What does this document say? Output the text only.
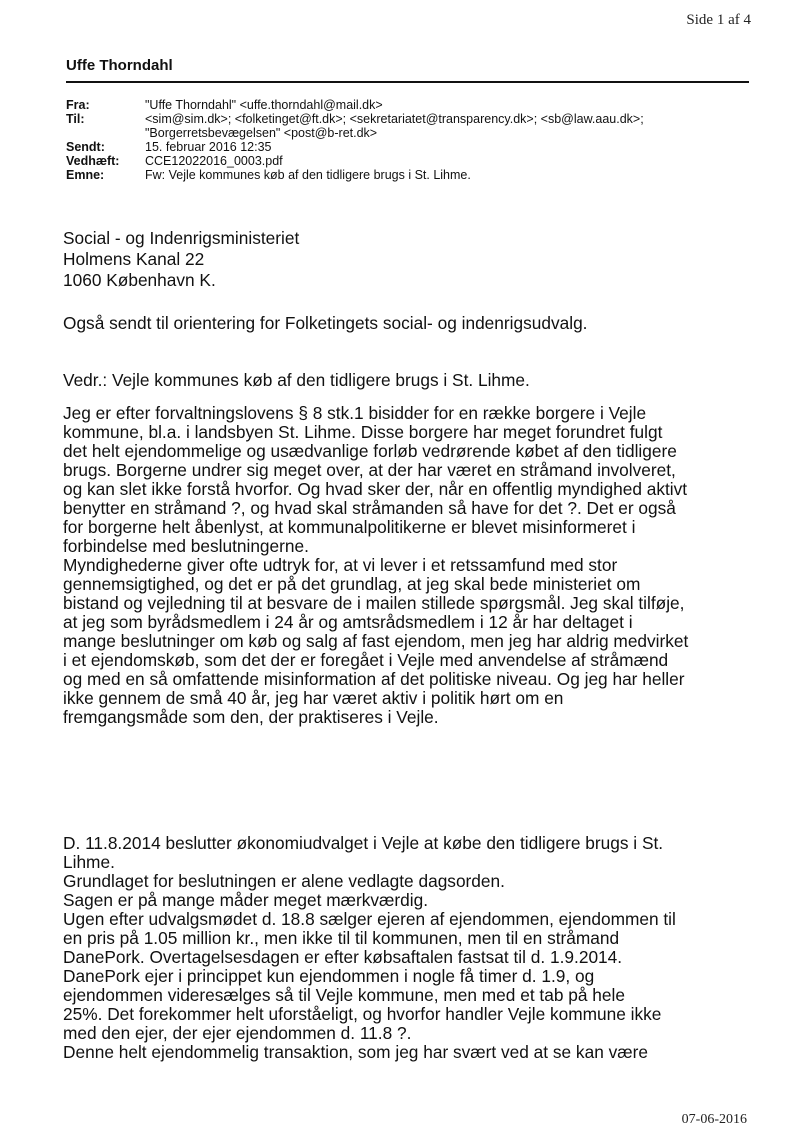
Side 1 af 4
Uffe Thorndahl
Fra:	"Uffe Thorndahl" <uffe.thorndahl@mail.dk>
Til:	<sim@sim.dk>; <folketinget@ft.dk>; <sekretariatet@transparency.dk>; <sb@law.aau.dk>;
"Borgerretsbevægelsen" <post@b-ret.dk>
Sendt:	15. februar 2016 12:35
Vedhæft:	CCE12022016_0003.pdf
Emne:	Fw: Vejle kommunes køb af den tidligere brugs i St. Lihme.

Social - og Indenrigsministeriet

Holmens Kanal 22

1060 København K.

Også sendt til orientering for Folketingets social- og indenrigsudvalg.

Vedr.: Vejle kommunes køb af den tidligere brugs i St. Lihme.

Jeg er efter forvaltningslovens § 8 stk.1 bisidder for en række borgere i Vejle

kommune, bl.a. i landsbyen St. Lihme. Disse borgere har meget forundret fulgt

det helt ejendommelige og usædvanlige forløb vedrørende købet af den tidligere

brugs. Borgerne undrer sig meget over, at der har været en stråmand involveret,

og kan slet ikke forstå hvorfor. Og hvad sker der, når en offentlig myndighed aktivt

benytter en stråmand ?, og hvad skal stråmanden så have for det ?. Det er også

for borgerne helt åbenlyst, at kommunalpolitikerne er blevet misinformeret i

forbindelse med beslutningerne.

Myndighederne giver ofte udtryk for, at vi lever i et retssamfund med stor

gennemsigtighed, og det er på det grundlag, at jeg skal bede ministeriet om

bistand og vejledning til at besvare de i mailen stillede spørgsmål. Jeg skal tilføje,

at jeg som byrådsmedlem i 24 år og amtsrådsmedlem i 12 år har deltaget i

mange beslutninger om køb og salg af fast ejendom, men jeg har aldrig medvirket

i et ejendomskøb, som det der er foregået i Vejle med anvendelse af stråmænd

og med en så omfattende misinformation af det politiske niveau. Og jeg har heller

ikke gennem de små 40 år, jeg har været aktiv i politik hørt om en

fremgangsmåde som den, der praktiseres i Vejle.

D. 11.8.2014 beslutter økonomiudvalget i Vejle at købe den tidligere brugs i St.

Lihme.

Grundlaget for beslutningen er alene vedlagte dagsorden.

Sagen er på mange måder meget mærkværdig.

Ugen efter udvalgsmødet d. 18.8 sælger ejeren af ejendommen, ejendommen til

en pris på 1.05 million kr., men ikke til til kommunen, men til en stråmand

DanePork. Overtagelsesdagen er efter købsaftalen fastsat til d. 1.9.2014.

DanePork ejer i princippet kun ejendommen i nogle få timer d. 1.9, og

ejendommen videresælges så til Vejle kommune, men med et tab på hele

25%. Det forekommer helt uforståeligt, og hvorfor handler Vejle kommune ikke

med den ejer, der ejer ejendommen d. 11.8 ?.

Denne helt ejendommelig transaktion, som jeg har svært ved at se kan være

07-06-2016
